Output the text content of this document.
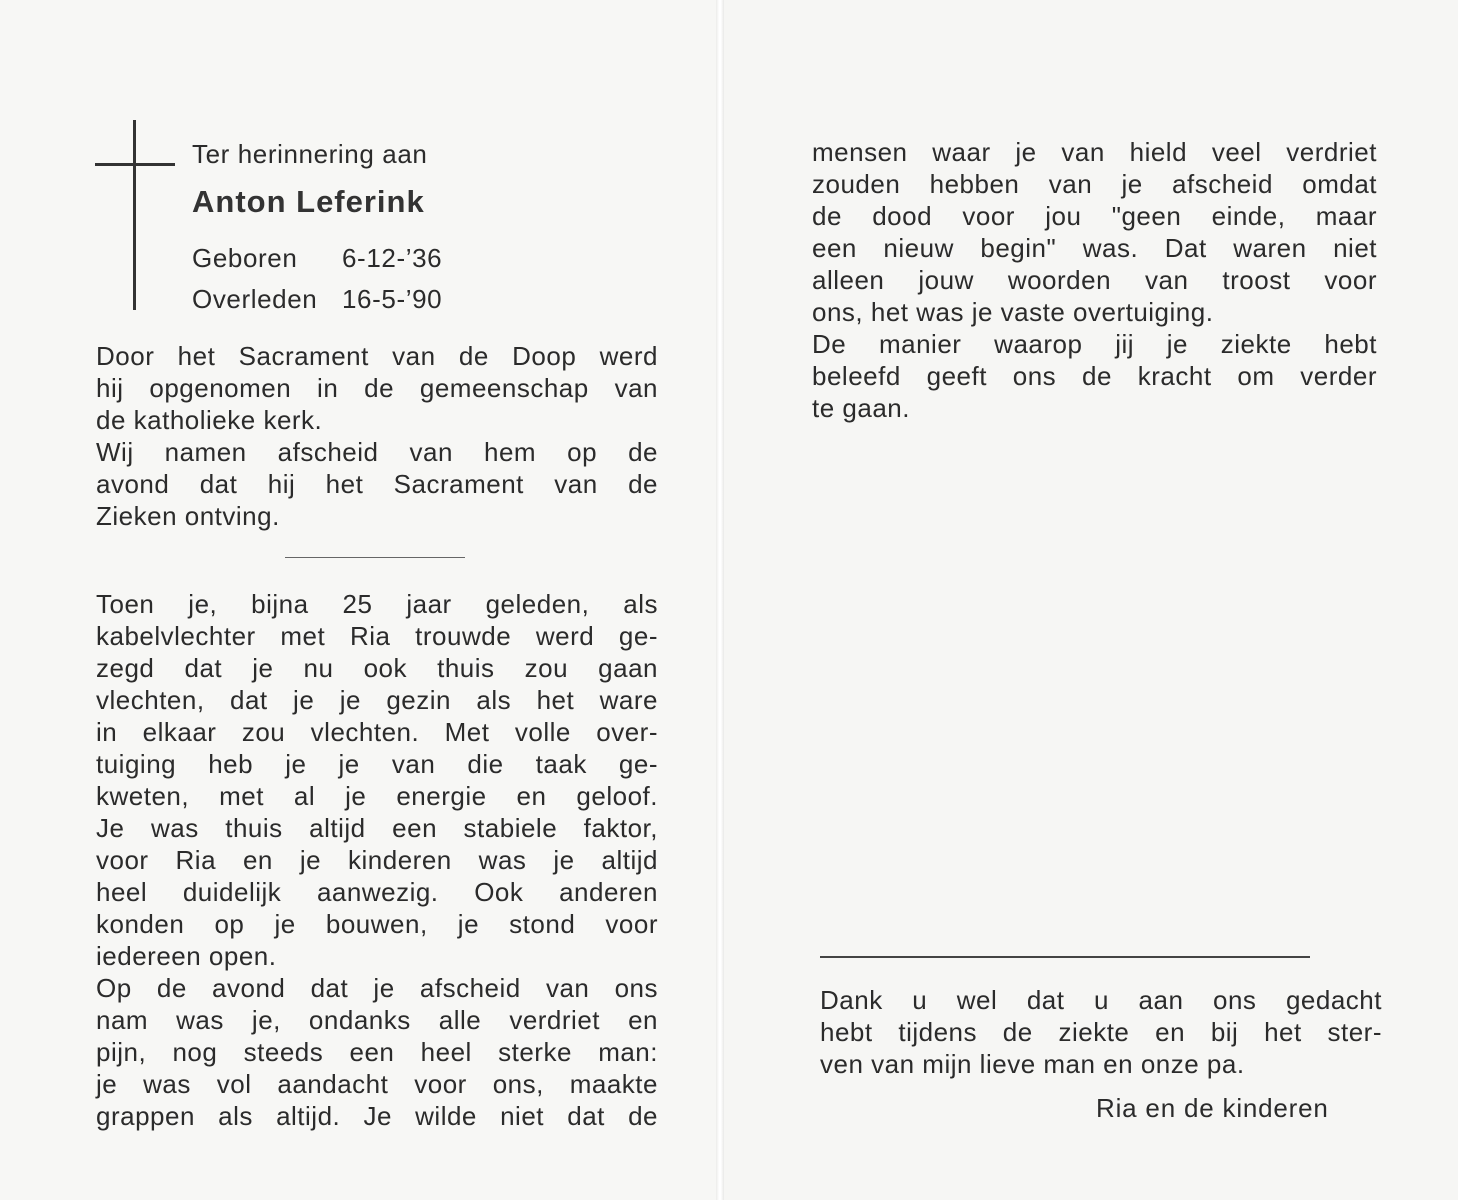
Ter herinnering aan
Anton Leferink
Geboren 6-12-’36
Overleden 16-5-’90
Door het Sacrament van de Doop werd
hij opgenomen in de gemeenschap van
de katholieke kerk.
Wij namen afscheid van hem op de
avond dat hij het Sacrament van de
Zieken ontving.
Toen je, bijna 25 jaar geleden, als
kabelvlechter met Ria trouwde werd ge-
zegd dat je nu ook thuis zou gaan
vlechten, dat je je gezin als het ware
in elkaar zou vlechten. Met volle over-
tuiging heb je je van die taak ge-
kweten, met al je energie en geloof.
Je was thuis altijd een stabiele faktor,
voor Ria en je kinderen was je altijd
heel duidelijk aanwezig. Ook anderen
konden op je bouwen, je stond voor
iedereen open.
Op de avond dat je afscheid van ons
nam was je, ondanks alle verdriet en
pijn, nog steeds een heel sterke man:
je was vol aandacht voor ons, maakte
grappen als altijd. Je wilde niet dat de
mensen waar je van hield veel verdriet
zouden hebben van je afscheid omdat
de dood voor jou "geen einde, maar
een nieuw begin" was. Dat waren niet
alleen jouw woorden van troost voor
ons, het was je vaste overtuiging.
De manier waarop jij je ziekte hebt
beleefd geeft ons de kracht om verder
te gaan.
Dank u wel dat u aan ons gedacht
hebt tijdens de ziekte en bij het ster-
ven van mijn lieve man en onze pa.
Ria en de kinderen
